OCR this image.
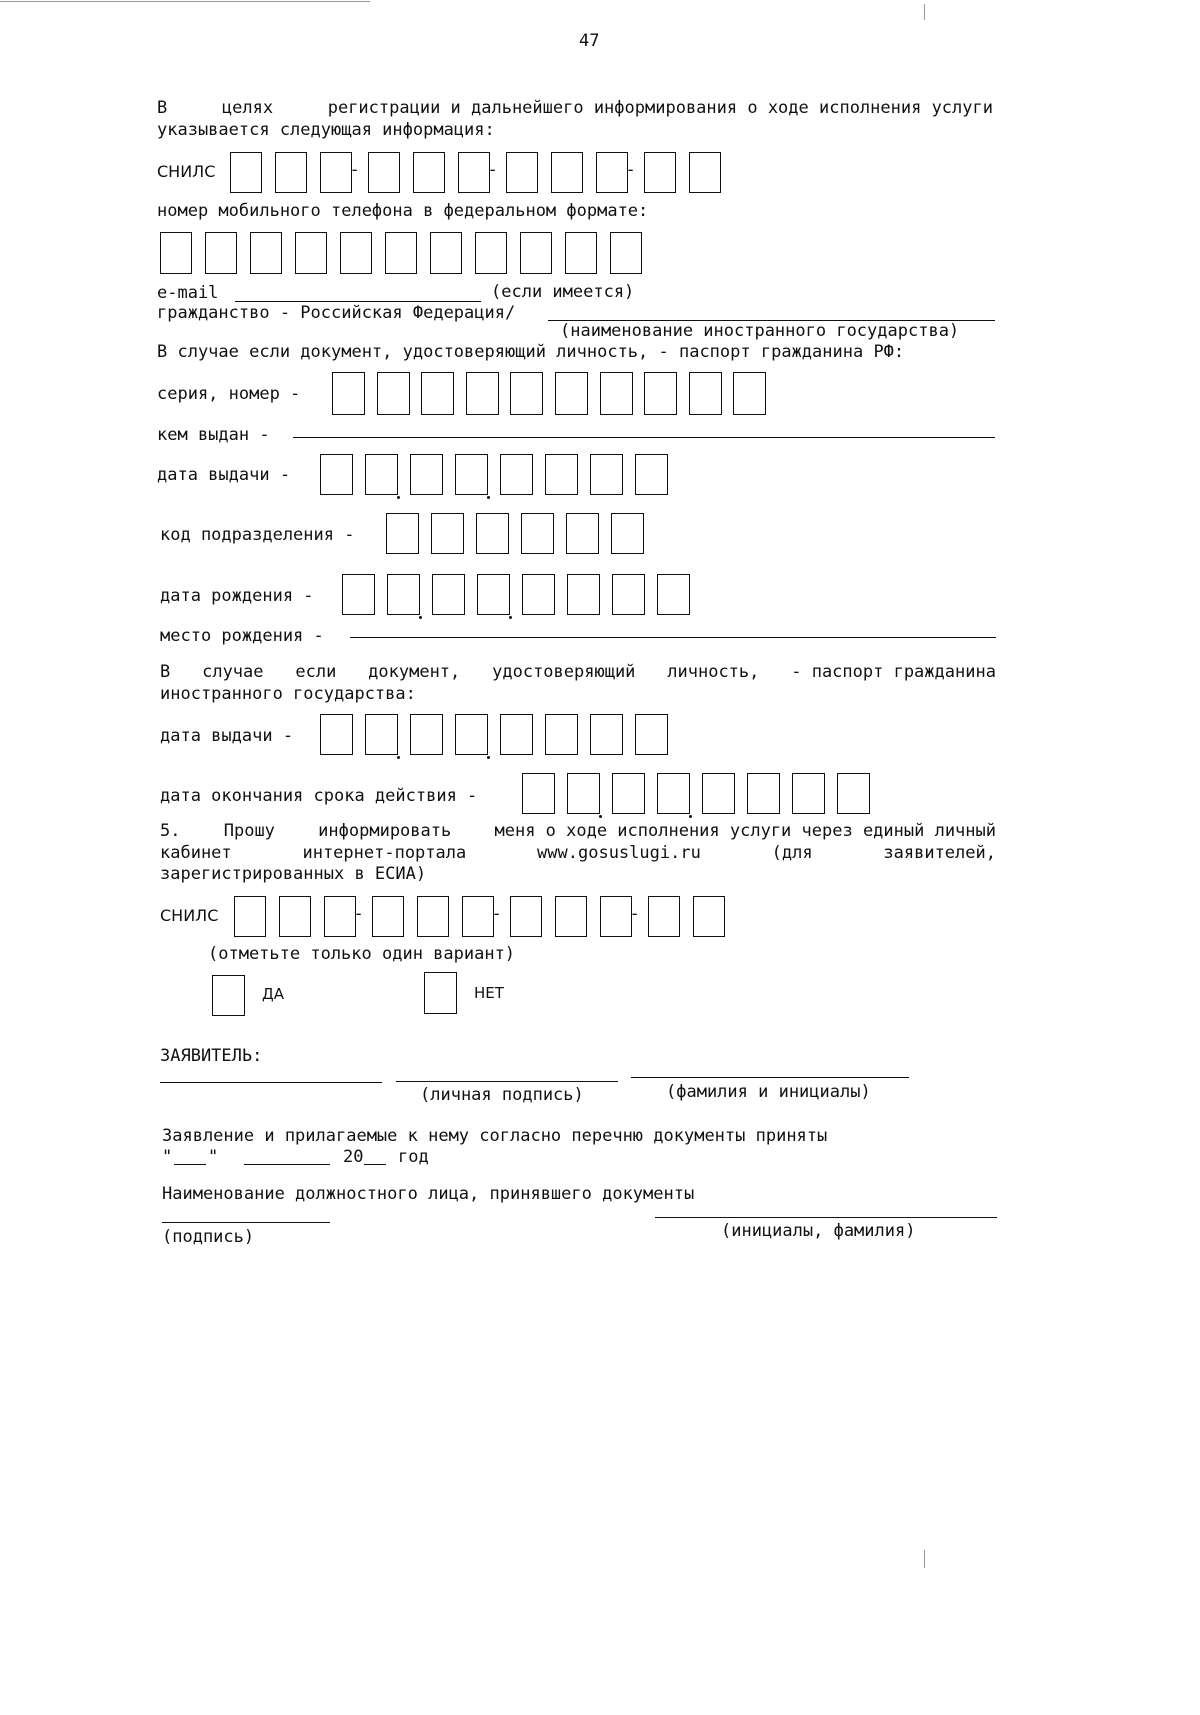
47
В	целях	регистрации и дальнейшего информирования о ходе исполнения услуги
указывается следующая информация:
СНИЛС	-	-	-
номер мобильного телефона в федеральном формате:
e-mail	(если имеется)
гражданство - Российская Федерация/
(наименование иностранного государства)
В случае если документ, удостоверяющий личность, - паспорт гражданина РФ:
серия, номер -
кем выдан -
дата выдачи -
код подразделения -
дата рождения -
место рождения -
В случае если документ, удостоверяющий личность, - паспорт гражданина
иностранного государства:
дата выдачи -
дата окончания срока действия -
5.	Прошу	информировать	меня о ходе исполнения услуги через единый личный
кабинет	интернет-портала	www.gosuslugi.ru	(для	заявителей,
зарегистрированных в ЕСИА)
СНИЛС	-	-	-
(отметьте только один вариант)
ДА	НЕТ
ЗАЯВИТЕЛЬ:
(личная подпись)	(фамилия и инициалы)
Заявление и прилагаемые к нему согласно перечню документы приняты
" "	20 год
Наименование должностного лица, принявшего документы
(подпись)	(инициалы, фамилия)
